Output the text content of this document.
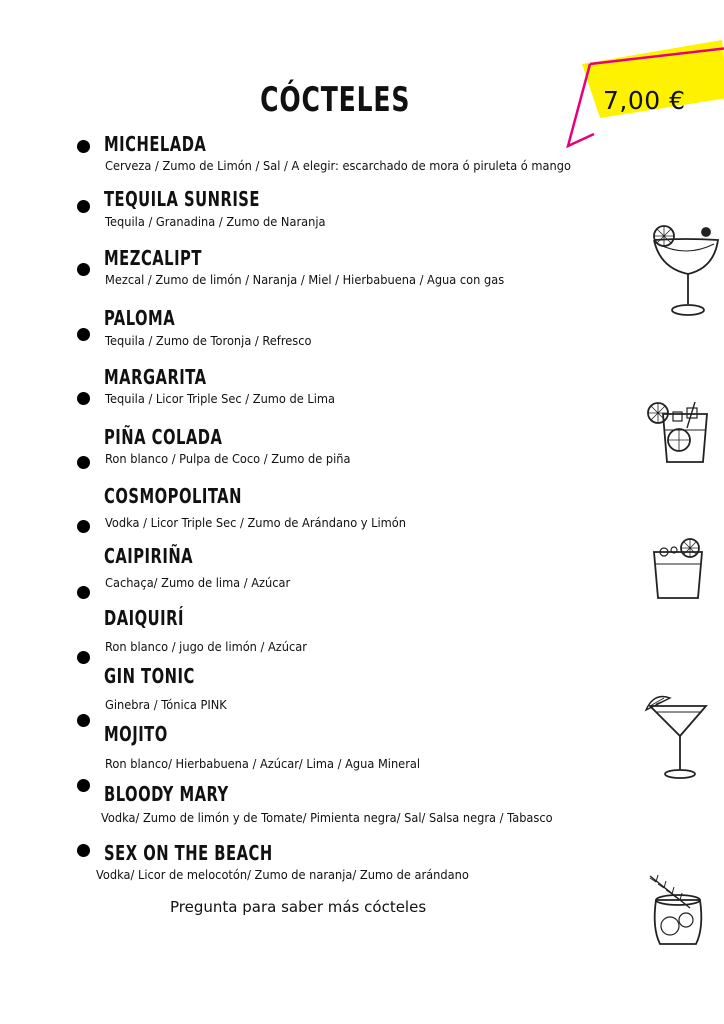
CÓCTELES	7,00 €
MICHELADA
Cerveza / Zumo de Limón / Sal / A elegir: escarchado de mora ó piruleta ó mango
TEQUILA SUNRISE
Tequila / Granadina / Zumo de Naranja
MEZCALIPT
Mezcal / Zumo de limón / Naranja / Miel / Hierbabuena / Agua con gas
PALOMA
Tequila / Zumo de Toronja / Refresco
MARGARITA
Tequila / Licor Triple Sec / Zumo de Lima
PIÑA COLADA
Ron blanco / Pulpa de Coco / Zumo de piña
COSMOPOLITAN
Vodka / Licor Triple Sec / Zumo de Arándano y Limón
CAIPIRIÑA
Cachaça/ Zumo de lima / Azúcar
DAIQUIRÍ
Ron blanco / jugo de limón / Azúcar
GIN TONIC
Ginebra / Tónica PINK
MOJITO
Ron blanco/ Hierbabuena / Azúcar/ Lima / Agua Mineral
BLOODY MARY
Vodka/ Zumo de limón y de Tomate/ Pimienta negra/ Sal/ Salsa negra / Tabasco
SEX ON THE BEACH
Vodka/ Licor de melocotón/ Zumo de naranja/ Zumo de arándano
Pregunta para saber más cócteles
